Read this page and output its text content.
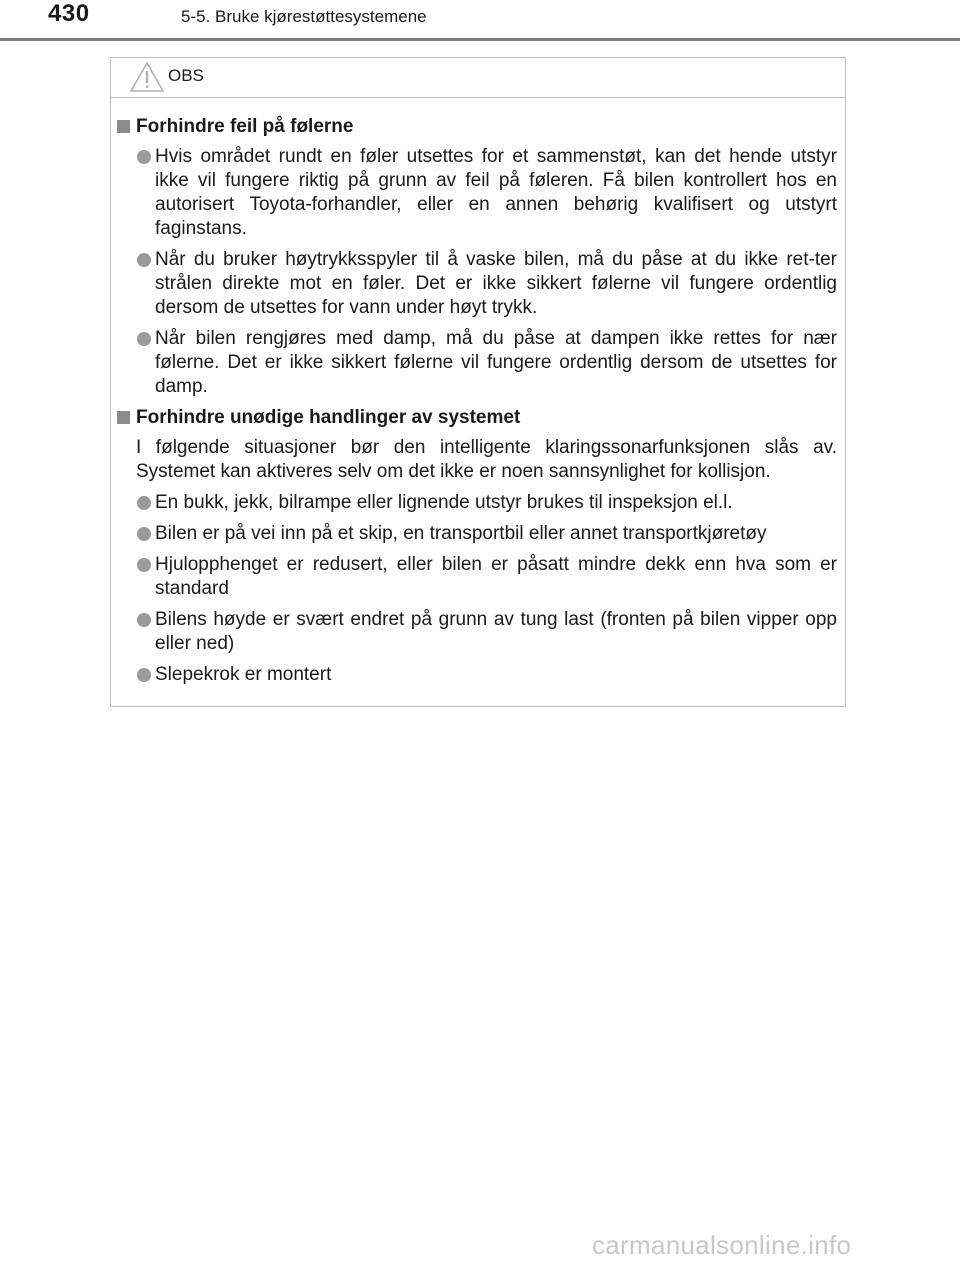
430	5-5. Bruke kjørestøttesystemene
OBS
Forhindre feil på følerne
Hvis området rundt en føler utsettes for et sammenstøt, kan det hende utstyr ikke vil fungere riktig på grunn av feil på føleren. Få bilen kontrollert hos en autorisert Toyota-forhandler, eller en annen behørig kvalifisert og utstyrt faginstans.
Når du bruker høytrykksspyler til å vaske bilen, må du påse at du ikke ret-ter strålen direkte mot en føler. Det er ikke sikkert følerne vil fungere ordentlig dersom de utsettes for vann under høyt trykk.
Når bilen rengjøres med damp, må du påse at dampen ikke rettes for nær følerne. Det er ikke sikkert følerne vil fungere ordentlig dersom de utsettes for damp.
Forhindre unødige handlinger av systemet
I følgende situasjoner bør den intelligente klaringssonarfunksjonen slås av. Systemet kan aktiveres selv om det ikke er noen sannsynlighet for kollisjon.
En bukk, jekk, bilrampe eller lignende utstyr brukes til inspeksjon el.l.
Bilen er på vei inn på et skip, en transportbil eller annet transportkjøretøy
Hjulopphenget er redusert, eller bilen er påsatt mindre dekk enn hva som er standard
Bilens høyde er svært endret på grunn av tung last (fronten på bilen vipper opp eller ned)
Slepekrok er montert
carmanualsonline.info
